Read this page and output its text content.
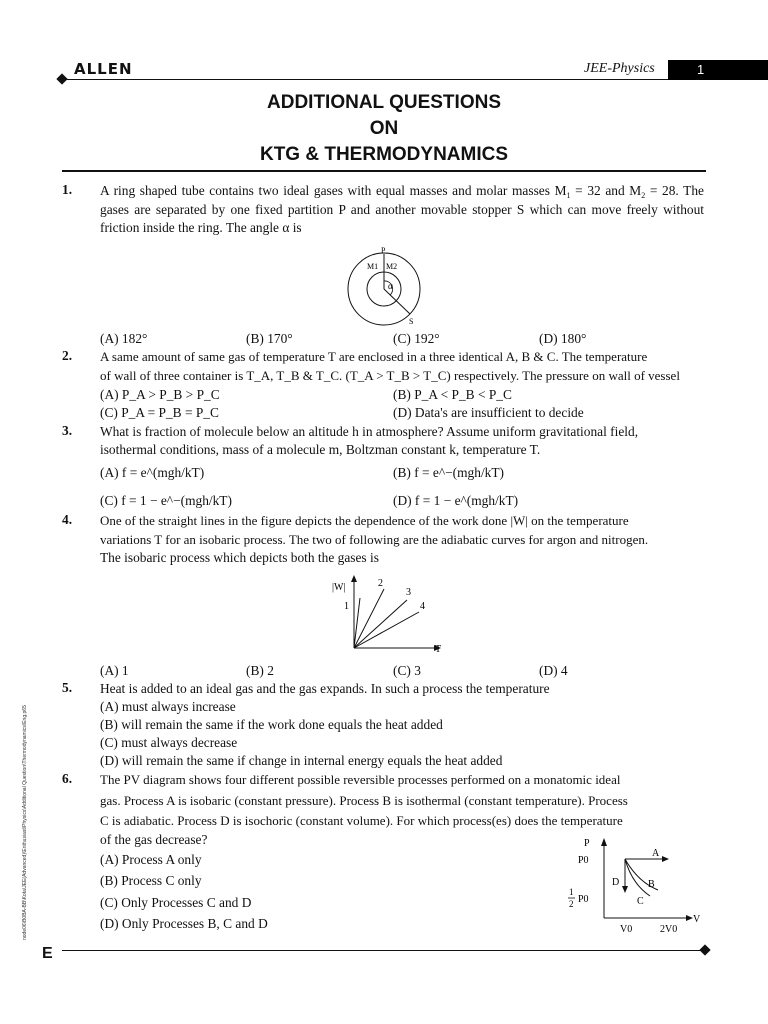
ALLEN	JEE-Physics	1
ADDITIONAL QUESTIONS
ON
KTG & THERMODYNAMICS
1. A ring shaped tube contains two ideal gases with equal masses and molar masses $M_1 = 32$ and $M_2 = 28$. The gases are separated by one fixed partition P and another movable stopper S which can move freely without friction inside the ring. The angle α is
P
M1 M2
α
S
(A) 182°	(B) 170°	(C) 192°	(D) 180°
2. A same amount of same gas of temperature T are enclosed in a three identical A, B & C. The temperature
of wall of three container is T_A, T_B & T_C. (T_A > T_B > T_C) respectively. The pressure on wall of vessel
(A) P_A > P_B > P_C	(B) P_A < P_B < P_C
(C) P_A = P_B = P_C	(D) Data's are insufficient to decide
3. What is fraction of molecule below an altitude h in atmosphere? Assume uniform gravitational field,
isothermal conditions, mass of a molecule m, Boltzman constant k, temperature T.
(A) f = e^(mgh/kT)	(B) f = e^−(mgh/kT)
(C) f = 1 − e^−(mgh/kT)	(D) f = 1 − e^(mgh/kT)
4. One of the straight lines in the figure depicts the dependence of the work done |W| on the temperature
variations T for an isobaric process. The two of following are the adiabatic curves for argon and nitrogen.
The isobaric process which depicts both the gases is
|W|
T
1
2
3
4
(A) 1	(B) 2	(C) 3	(D) 4
5. Heat is added to an ideal gas and the gas expands. In such a process the temperature
(A) must always increase
(B) will remain the same if the work done equals the heat added
(C) must always decrease
(D) will remain the same if change in internal energy equals the heat added
6. The PV diagram shows four different possible reversible processes performed on a monatomic ideal
gas. Process A is isobaric (constant pressure). Process B is isothermal (constant temperature). Process
C is adiabatic. Process D is isochoric (constant volume). For which process(es) does the temperature
of the gas decrease?
(A) Process A only
(B) Process C only
(C) Only Processes C and D
(D) Only Processes B, C and D
P
P0
1
2 P0
V
V0	2V0
A
B
C
D
node06\B0BA-BB\Kota\JEE(Advanced)\Enthusiast\Physics\Additional Question\Thermodynamics\Eng.p65
E
